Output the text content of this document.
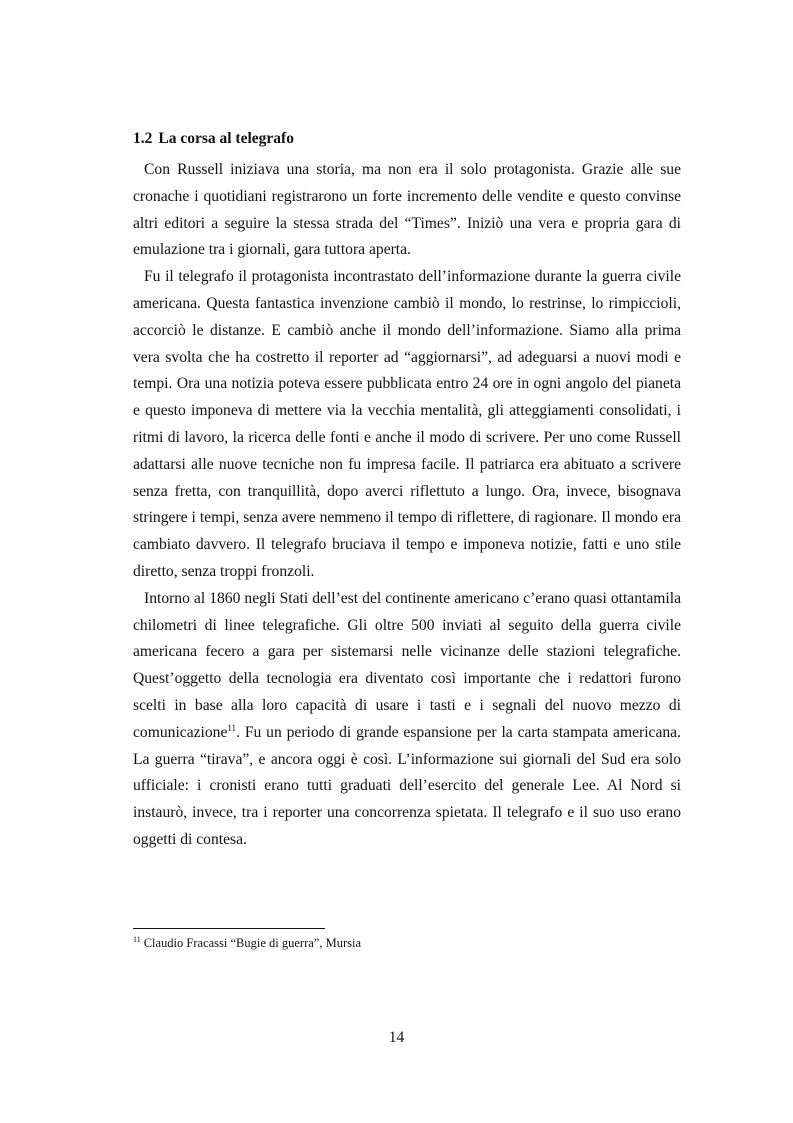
1.2 La corsa al telegrafo

Con Russell iniziava una storia, ma non era il solo protagonista. Grazie alle sue cronache i quotidiani registrarono un forte incremento delle vendite e questo convinse altri editori a seguire la stessa strada del “Times”. Iniziò una vera e propria gara di emulazione tra i giornali, gara tuttora aperta.

Fu il telegrafo il protagonista incontrastato dell’informazione durante la guerra civile americana. Questa fantastica invenzione cambiò il mondo, lo restrinse, lo rimpiccioli, accorciò le distanze. E cambiò anche il mondo dell’informazione. Siamo alla prima vera svolta che ha costretto il reporter ad “aggiornarsi”, ad adeguarsi a nuovi modi e tempi. Ora una notizia poteva essere pubblicata entro 24 ore in ogni angolo del pianeta e questo imponeva di mettere via la vecchia mentalità, gli atteggiamenti consolidati, i ritmi di lavoro, la ricerca delle fonti e anche il modo di scrivere. Per uno come Russell adattarsi alle nuove tecniche non fu impresa facile. Il patriarca era abituato a scrivere senza fretta, con tranquillità, dopo averci riflettuto a lungo. Ora, invece, bisognava stringere i tempi, senza avere nemmeno il tempo di riflettere, di ragionare. Il mondo era cambiato davvero. Il telegrafo bruciava il tempo e imponeva notizie, fatti e uno stile diretto, senza troppi fronzoli.

Intorno al 1860 negli Stati dell’est del continente americano c’erano quasi ottantamila chilometri di linee telegrafiche. Gli oltre 500 inviati al seguito della guerra civile americana fecero a gara per sistemarsi nelle vicinanze delle stazioni telegrafiche. Quest’oggetto della tecnologia era diventato così importante che i redattori furono scelti in base alla loro capacità di usare i tasti e i segnali del nuovo mezzo di comunicazione$^{11}$. Fu un periodo di grande espansione per la carta stampata americana. La guerra “tirava”, e ancora oggi è così. L’informazione sui giornali del Sud era solo ufficiale: i cronisti erano tutti graduati dell’esercito del generale Lee. Al Nord si instaurò, invece, tra i reporter una concorrenza spietata. Il telegrafo e il suo uso erano oggetti di contesa.

$^{11}$ Claudio Fracassi “Bugie di guerra”, Mursia
14
